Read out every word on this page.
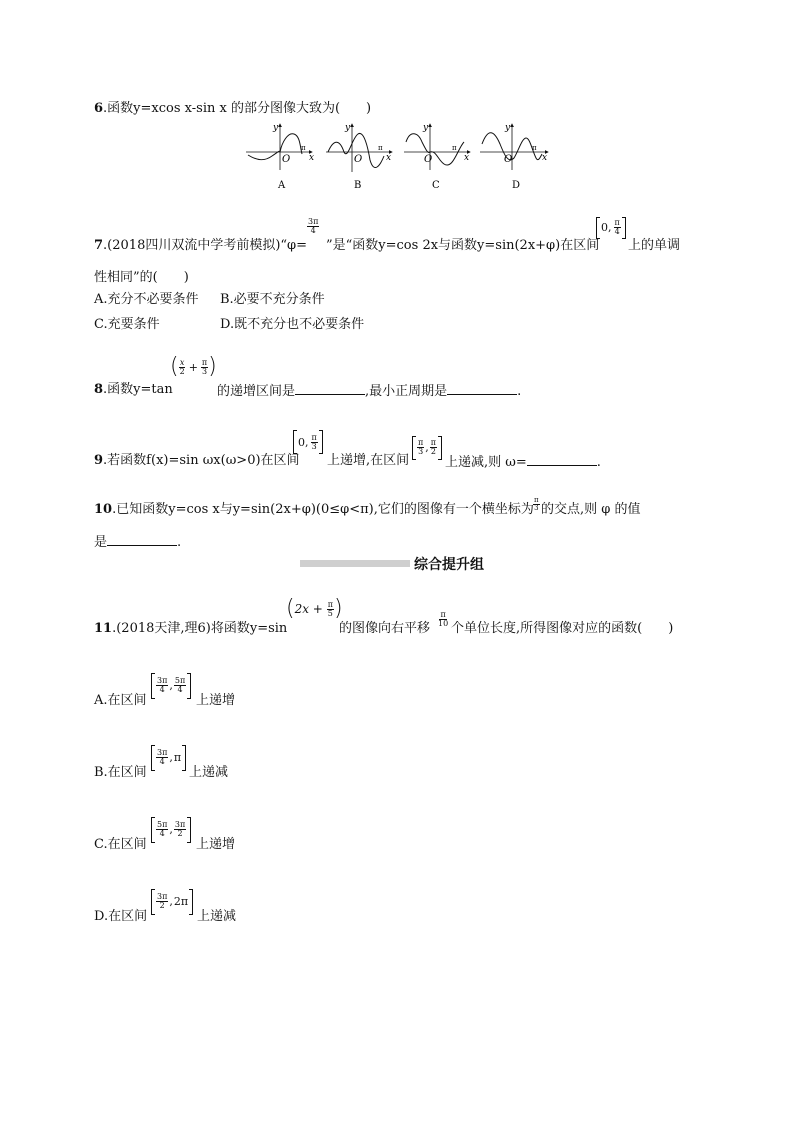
6.函数y=xcos x-sin x 的部分图像大致为(　　)
y
O
π
x
A
y
O
π
x
B
y
O
π
x
C
y
O
π
x
D
7.(2018四川双流中学考前模拟)“φ=
$\frac{3\pi}{4}$
”是“函数y=cos 2x与函数y=sin(2x+φ)在区间
0, $\frac{\pi}{4}$
上的单调
性相同”的(　　)
A.充分不必要条件 B.必要不充分条件
C.充要条件	D.既不充分也不必要条件
8.函数y=tan
( $\frac{x}{2} + \frac{\pi}{3}$ )
的递增区间是	,最小正周期是	.
9.若函数f(x)=sin ωx(ω>0)在区间
0, $\frac{\pi}{3}$
上递增,在区间
$\frac{\pi}{3}$ , $\frac{\pi}{2}$
上递减,则 ω=	.
10.已知函数y=cos x与y=sin(2x+φ)(0≤φ<π),它们的图像有一个横坐标为 $\frac{\pi}{3}$ 的交点,则 φ 的值
是	.
综合提升组
11.(2018天津,理6)将函数y=sin
( $2x + \frac{\pi}{5}$ )
的图像向右平移
$\frac{\pi}{10}$
个单位长度,所得图像对应的函数(　　)
A.在区间
$\frac{3\pi}{4}$ , $\frac{5\pi}{4}$
上递增
B.在区间
$\frac{3\pi}{4}$ , π
上递减
C.在区间
$\frac{5\pi}{4}$ , $\frac{3\pi}{2}$
上递增
D.在区间
$\frac{3\pi}{2}$ , 2π
上递减
